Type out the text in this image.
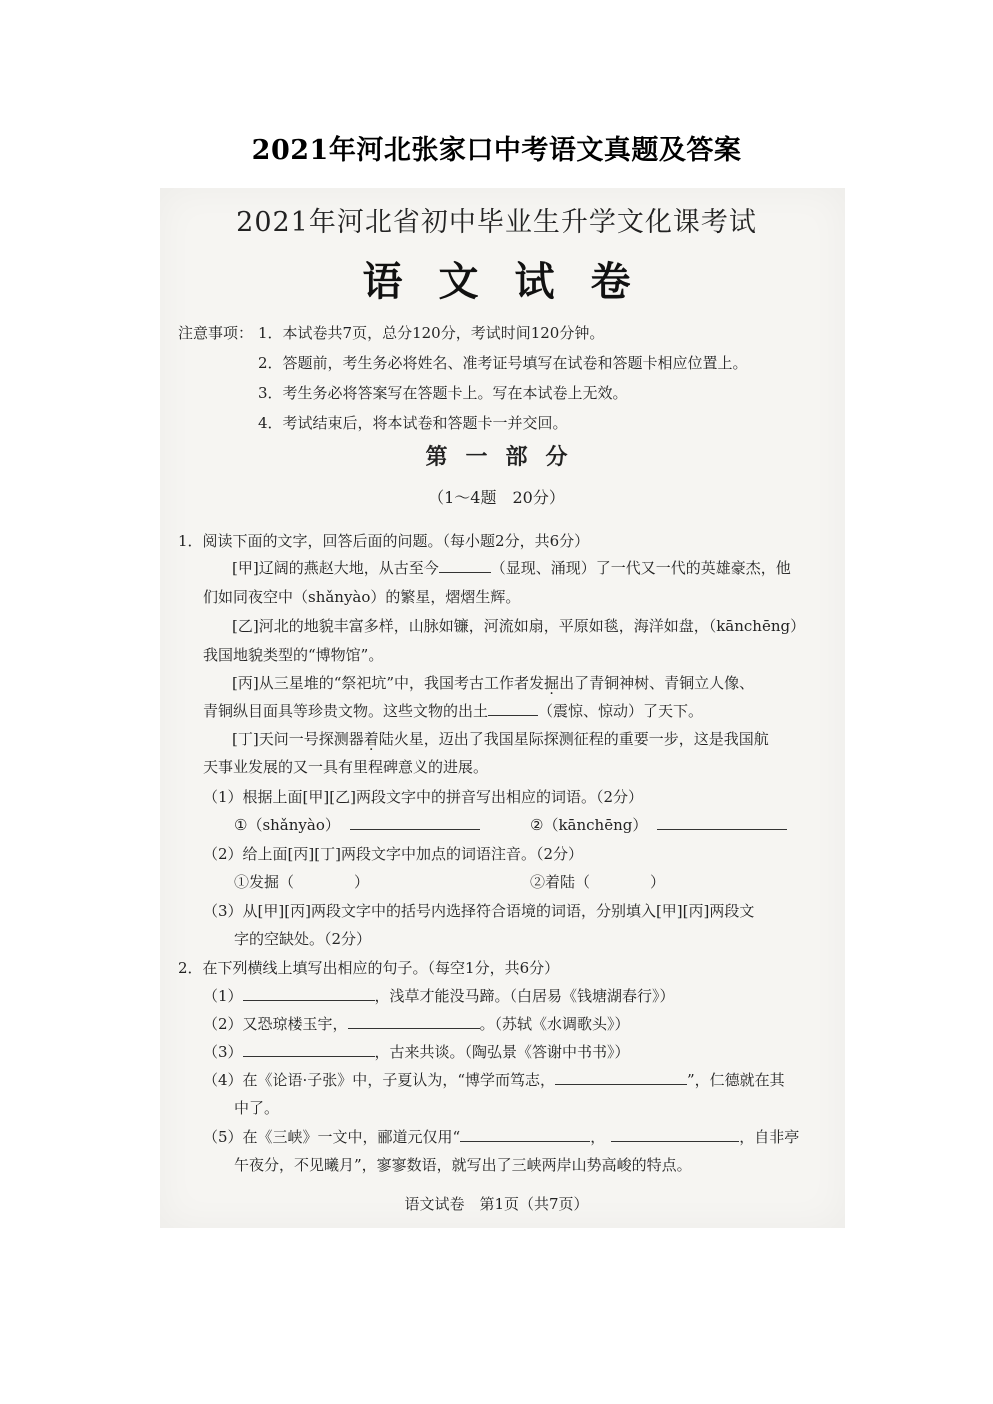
2021年河北张家口中考语文真题及答案
2021年河北省初中毕业生升学文化课考试
语文试卷
注意事项： 1．本试卷共7页，总分120分，考试时间120分钟。
2．答题前，考生务必将姓名、准考证号填写在试卷和答题卡相应位置上。
3．考生务必将答案写在答题卡上。写在本试卷上无效。
4．考试结束后，将本试卷和答题卡一并交回。
第一部分
（1～4题　20分）
1．阅读下面的文字，回答后面的问题。（每小题2分，共6分）
[甲]辽阔的燕赵大地，从古至今	（显现、涌现）了一代又一代的英雄豪杰，他
们如同夜空中（shǎnyào）的繁星，熠熠生辉。
[乙]河北的地貌丰富多样，山脉如镰，河流如扇，平原如毯，海洋如盘，（kānchēng）
我国地貌类型的“博物馆”。
[丙]从三星堆的“祭祀坑”中，我国考古工作者发掘出了青铜神树、青铜立人像、
青铜纵目面具等珍贵文物。这些文物的出土	（震惊、惊动）了天下。
[丁]天问一号探测器着陆火星，迈出了我国星际探测征程的重要一步，这是我国航
天事业发展的又一具有里程碑意义的进展。
（1）根据上面[甲][乙]两段文字中的拼音写出相应的词语。（2分）
①（shǎnyào）	②（kānchēng）
（2）给上面[丙][丁]两段文字中加点的词语注音。（2分）
①发掘（　　　　）	②着陆（　　　　）
（3）从[甲][丙]两段文字中的括号内选择符合语境的词语，分别填入[甲][丙]两段文
字的空缺处。（2分）
2．在下列横线上填写出相应的句子。（每空1分，共6分）
（1）	，浅草才能没马蹄。（白居易《钱塘湖春行》）
（2）又恐琼楼玉宇，	。（苏轼《水调歌头》）
（3）	，古来共谈。（陶弘景《答谢中书书》）
（4）在《论语·子张》中，子夏认为，“博学而笃志，	”，仁德就在其
中了。
（5）在《三峡》一文中，郦道元仅用“	，	，自非亭
午夜分，不见曦月”，寥寥数语，就写出了三峡两岸山势高峻的特点。
语文试卷　第1页（共7页）
